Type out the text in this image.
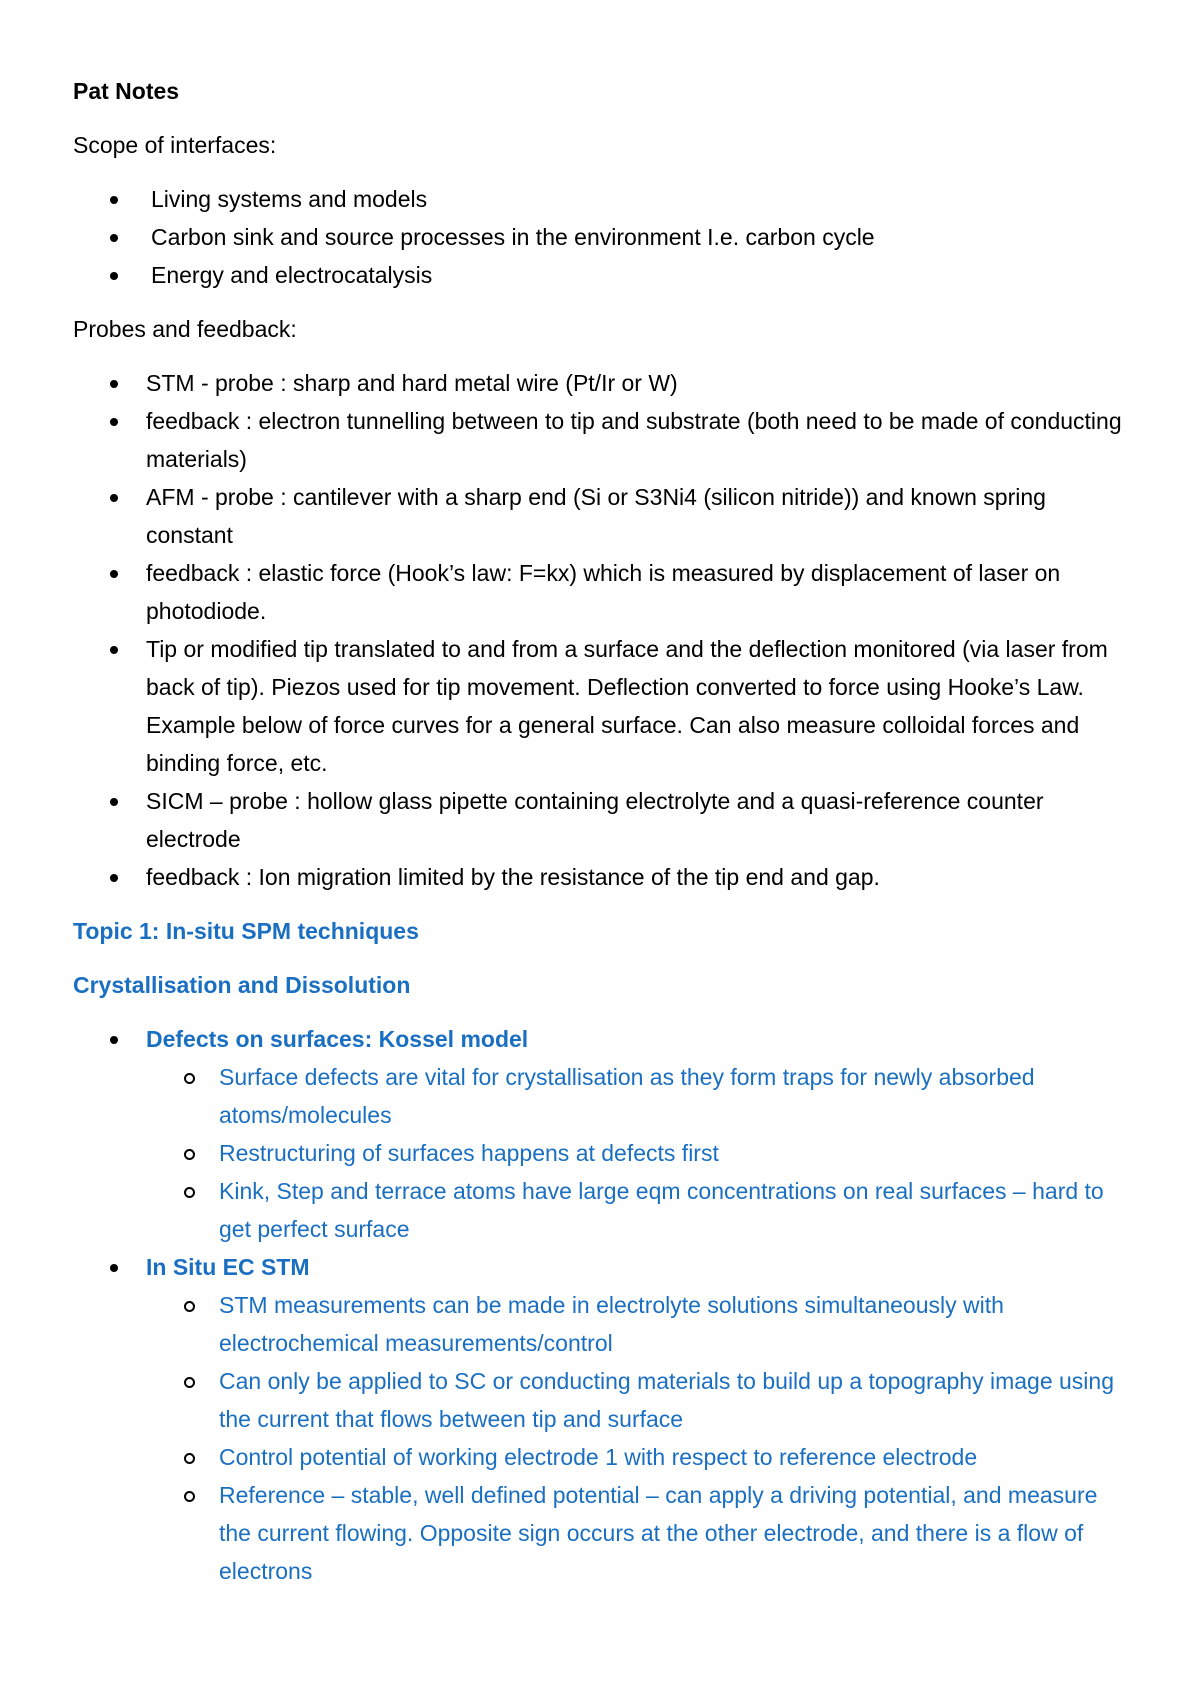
Pat Notes
Scope of interfaces:
Living systems and models
Carbon sink and source processes in the environment I.e. carbon cycle
Energy and electrocatalysis
Probes and feedback:
STM - probe : sharp and hard metal wire (Pt/Ir or W)
feedback : electron tunnelling between to tip and substrate (both need to be made of conducting materials)
AFM - probe : cantilever with a sharp end (Si or S3Ni4 (silicon nitride)) and known spring constant
feedback : elastic force (Hook’s law: F=kx) which is measured by displacement of laser on photodiode.
Tip or modified tip translated to and from a surface and the deflection monitored (via laser from back of tip). Piezos used for tip movement. Deflection converted to force using Hooke’s Law. Example below of force curves for a general surface. Can also measure colloidal forces and binding force, etc.
SICM – probe : hollow glass pipette containing electrolyte and a quasi-reference counter electrode
feedback : Ion migration limited by the resistance of the tip end and gap.
Topic 1: In-situ SPM techniques
Crystallisation and Dissolution
Defects on surfaces: Kossel model
Surface defects are vital for crystallisation as they form traps for newly absorbed atoms/molecules
Restructuring of surfaces happens at defects first
Kink, Step and terrace atoms have large eqm concentrations on real surfaces – hard to get perfect surface
In Situ EC STM
STM measurements can be made in electrolyte solutions simultaneously with electrochemical measurements/control
Can only be applied to SC or conducting materials to build up a topography image using the current that flows between tip and surface
Control potential of working electrode 1 with respect to reference electrode
Reference – stable, well defined potential – can apply a driving potential, and measure the current flowing. Opposite sign occurs at the other electrode, and there is a flow of electrons
